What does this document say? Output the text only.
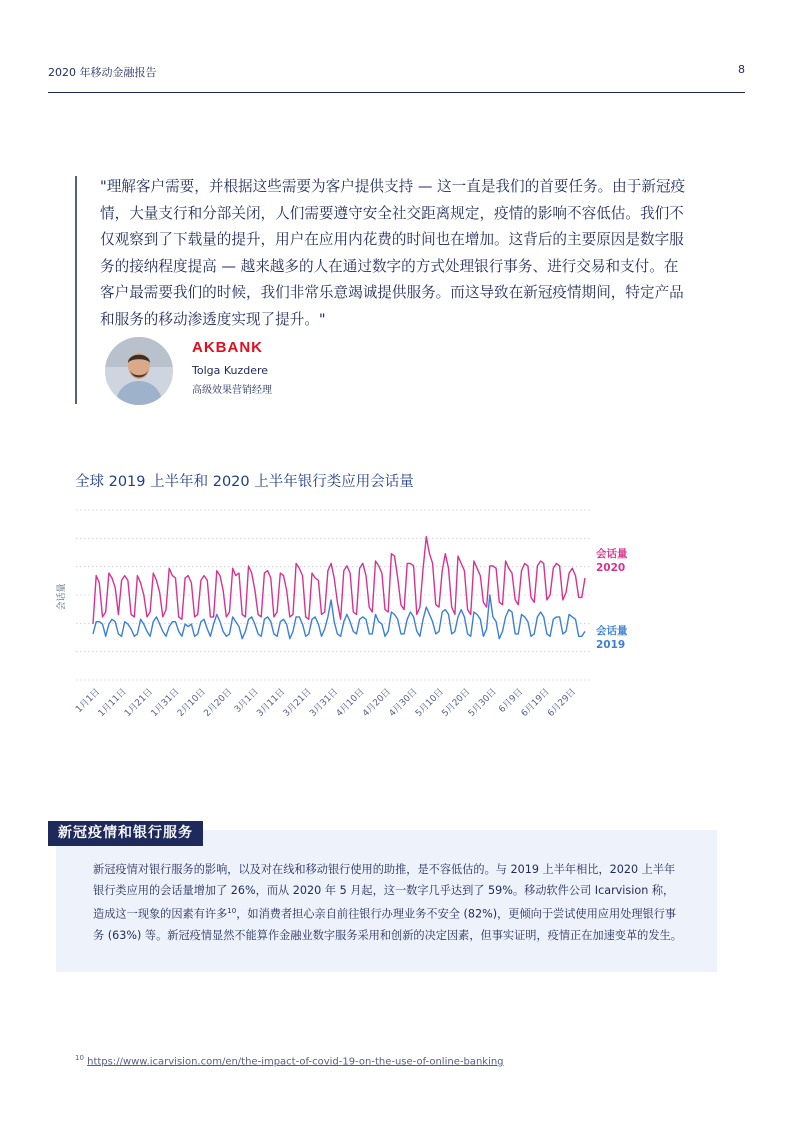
2020 年移动金融报告	8

"理解客户需要，并根据这些需要为客户提供支持 — 这一直是我们的首要任务。由于新冠疫情，大量支行和分部关闭，人们需要遵守安全社交距离规定，疫情的影响不容低估。我们不仅观察到了下载量的提升，用户在应用内花费的时间也在增加。这背后的主要原因是数字服务的接纳程度提高 — 越来越多的人在通过数字的方式处理银行事务、进行交易和支付。在客户最需要我们的时候，我们非常乐意竭诚提供服务。而这导致在新冠疫情期间，特定产品和服务的移动渗透度实现了提升。"

AKBANK
Tolga Kuzdere
高级效果营销经理
全球 2019 上半年和 2020 上半年银行类应用会话量
会话量
会话量
2020
会话量
2019
1月1日
1月11日
1月21日
1月31日
2月10日
2月20日
3月1日
3月11日
3月21日
3月31日
4月10日
4月20日
4月30日
5月10日
5月20日
5月30日
6月9日
6月19日
6月29日
新冠疫情和银行服务

新冠疫情对银行服务的影响，以及对在线和移动银行使用的助推，是不容低估的。与 2019 上半年相比，2020 上半年银行类应用的会话量增加了 26%，而从 2020 年 5 月起，这一数字几乎达到了 59%。移动软件公司 Icarvision 称，造成这一现象的因素有许多$^{10}$，如消费者担心亲自前往银行办理业务不安全 (82%)，更倾向于尝试使用应用处理银行事务 (63%) 等。新冠疫情显然不能算作金融业数字服务采用和创新的决定因素，但事实证明，疫情正在加速变革的发生。

$^{10}$ https://www.icarvision.com/en/the-impact-of-covid-19-on-the-use-of-online-banking
